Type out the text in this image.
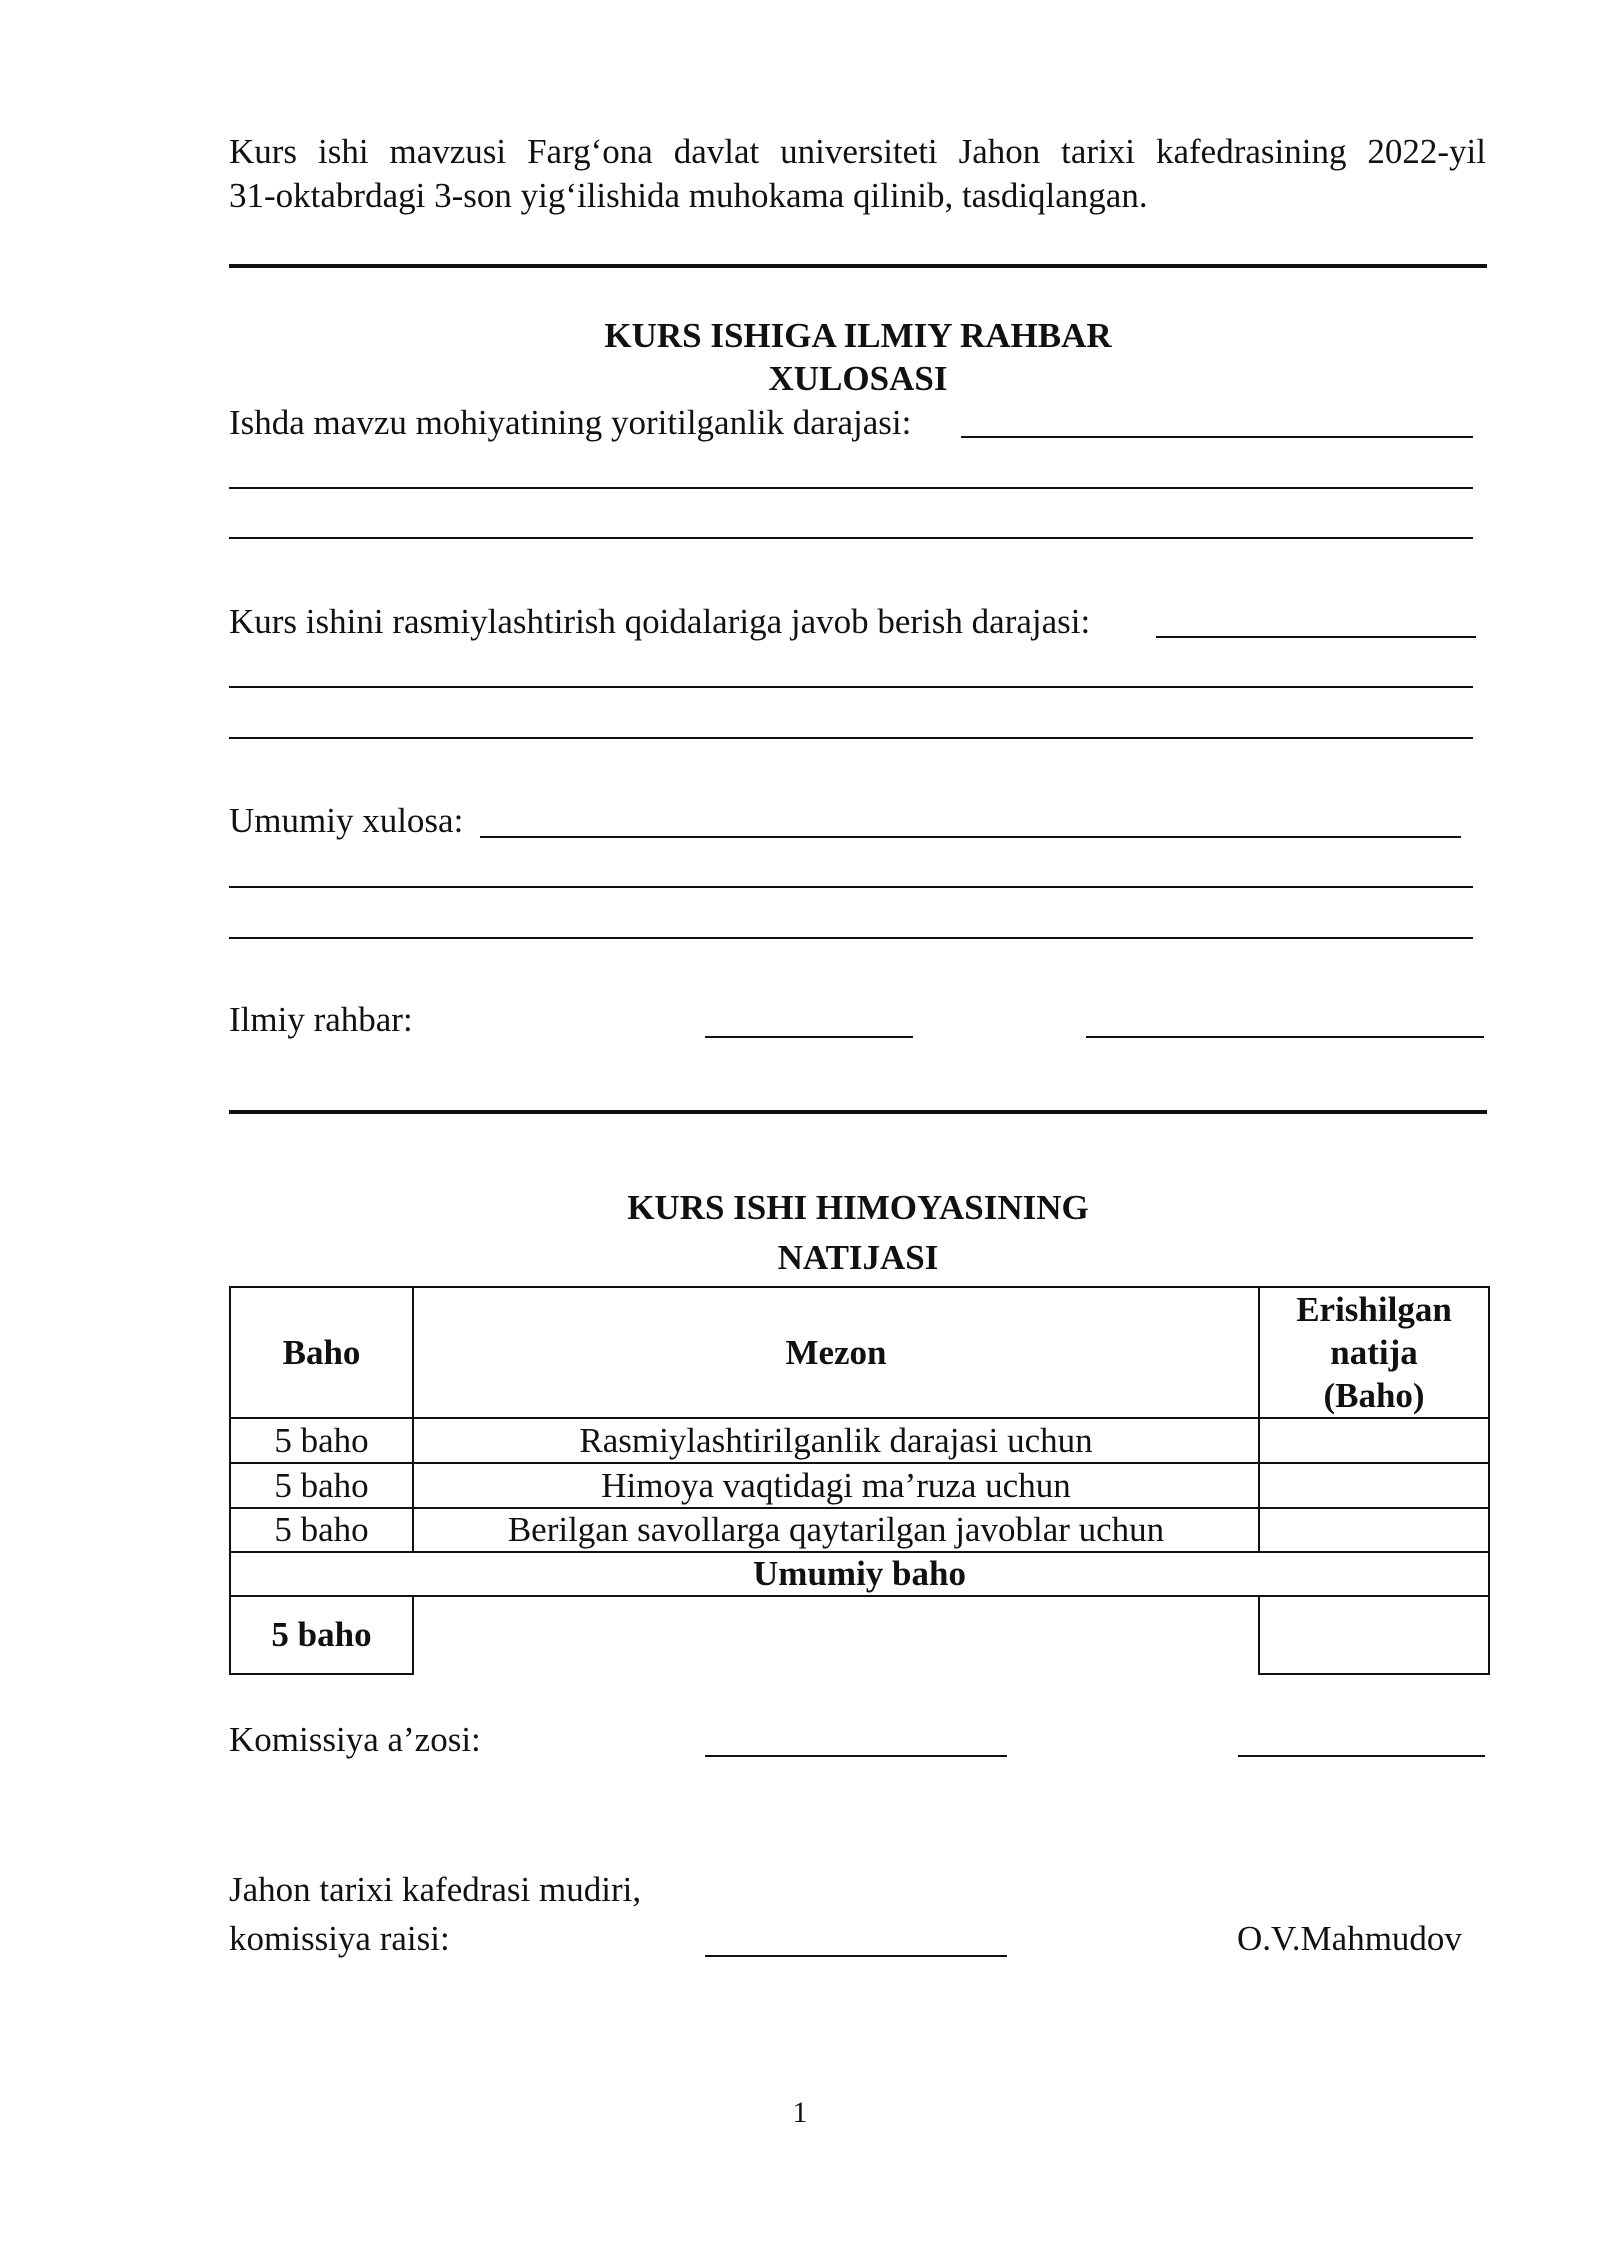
Kurs ishi mavzusi Farg‘ona davlat universiteti Jahon tarixi kafedrasining 2022-yil
31-oktabrdagi 3-son yig‘ilishida muhokama qilinib, tasdiqlangan.
KURS ISHIGA ILMIY RAHBAR
XULOSASI
Ishda mavzu mohiyatining yoritilganlik darajasi:
Kurs ishini rasmiylashtirish qoidalariga javob berish darajasi:
Umumiy xulosa:
Ilmiy rahbar:
KURS ISHI HIMOYASINING
NATIJASI
Baho	Mezon	Erishilgan natija (Baho)
5 baho	Rasmiylashtirilganlik darajasi uchun	
5 baho	Himoya vaqtidagi ma’ruza uchun	
5 baho	Berilgan savollarga qaytarilgan javoblar uchun	
Umumiy baho		
5 baho		
Komissiya a’zosi:
Jahon tarixi kafedrasi mudiri,
komissiya raisi:	O.V.Mahmudov
1
